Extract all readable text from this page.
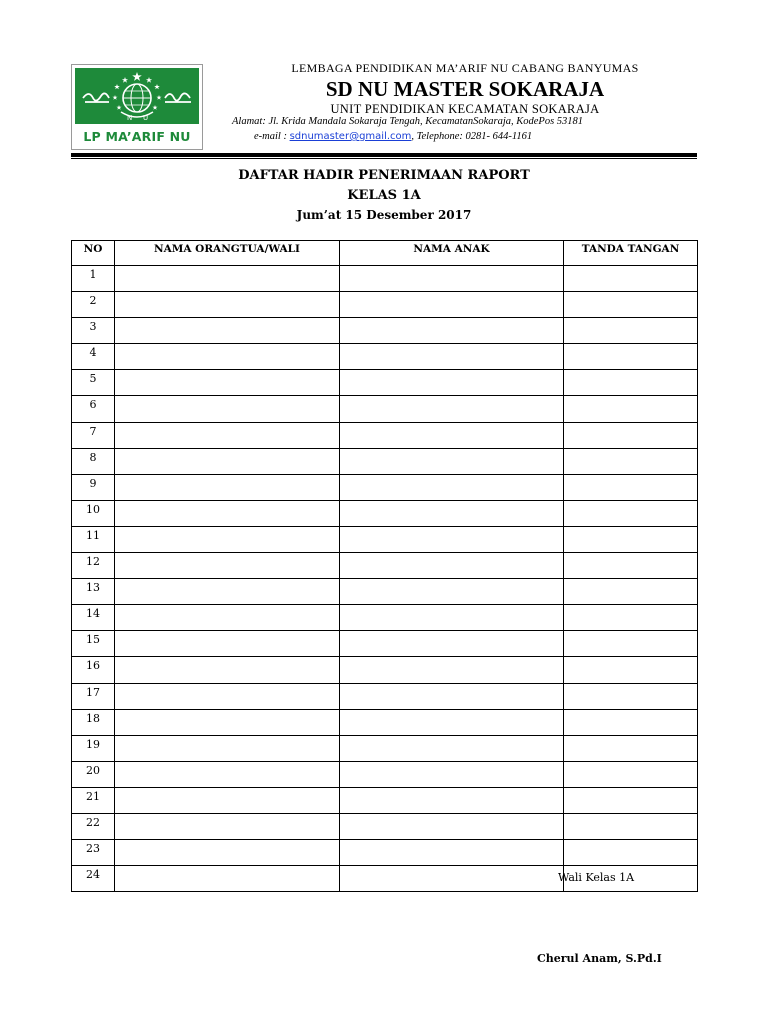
N U
LP MA’ARIF NU
LEMBAGA PENDIDIKAN MA’ARIF NU CABANG BANYUMAS
SD NU MASTER SOKARAJA
UNIT PENDIDIKAN KECAMATAN SOKARAJA
Alamat: Jl. Krida Mandala Sokaraja Tengah, KecamatanSokaraja, KodePos 53181
e-mail : sdnumaster@gmail.com, Telephone: 0281- 644-1161
DAFTAR HADIR PENERIMAAN RAPORT
KELAS 1A
Jum’at 15 Desember 2017
NO	NAMA ORANGTUA/WALI	NAMA ANAK	TANDA TANGAN
1			
2			
3			
4			
5			
6			
7			
8			
9			
10			
11			
12			
13			
14			
15			
16			
17			
18			
19			
20			
21			
22			
23			
24				Wali Kelas 1A
Cherul Anam, S.Pd.I
